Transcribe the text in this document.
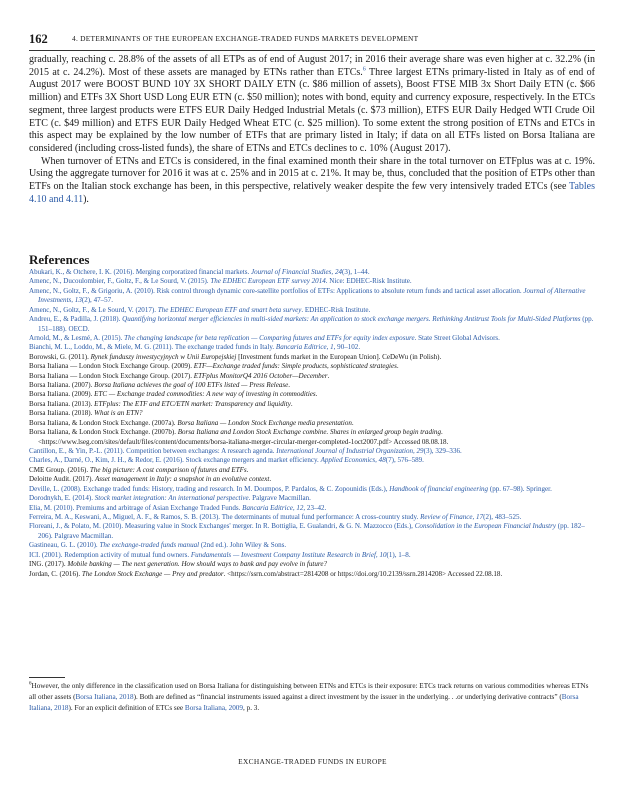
162	4. DETERMINANTS OF THE EUROPEAN EXCHANGE-TRADED FUNDS MARKETS DEVELOPMENT

gradually, reaching c. 28.8% of the assets of all ETPs as of end of August 2017; in 2016 their average share was even higher at c. 32.2% (in 2015 at c. 24.2%). Most of these assets are managed by ETNs rather than ETCs.$^6$ Three largest ETNs primary-listed in Italy as of end of August 2017 were BOOST BUND 10Y 3X SHORT DAILY ETN (c. $86 million of assets), Boost FTSE MIB 3x Short Daily ETN (c. $66 million) and ETFs 3X Short USD Long EUR ETN (c. $50 million); notes with bond, equity and currency exposure, respectively. In the ETCs segment, three largest products were ETFS EUR Daily Hedged Industrial Metals (c. $73 million), ETFS EUR Daily Hedged WTI Crude Oil ETC (c. $49 million) and ETFS EUR Daily Hedged Wheat ETC (c. $25 million). To some extent the strong position of ETNs and ETCs in this aspect may be explained by the low number of ETFs that are primary listed in Italy; if data on all ETFs listed on Borsa Italiana are considered (including cross-listed funds), the share of ETNs and ETCs declines to c. 10% (August 2017).

When turnover of ETNs and ETCs is considered, in the final examined month their share in the total turnover on ETFplus was at c. 19%. Using the aggregate turnover for 2016 it was at c. 25% and in 2015 at c. 21%. It may be, thus, concluded that the position of ETPs other than ETFs on the Italian stock exchange has been, in this perspective, relatively weaker despite the few very intensively traded ETCs (see Tables 4.10 and 4.11).

References
Abukari, K., & Otchere, I. K. (2016). Merging corporatized financial markets. Journal of Financial Studies, 24(3), 1–44.
Amenc, N., Ducoulombier, F., Goltz, F., & Le Sourd, V. (2015). The EDHEC European ETF survey 2014. Nice: EDHEC-Risk Institute.
Amenc, N., Goltz, F., & Grigoriu, A. (2010). Risk control through dynamic core-satellite portfolios of ETFs: Applications to absolute return funds and tactical asset allocation. Journal of Alternative Investments, 13(2), 47–57.
Amenc, N., Goltz, F., & Le Sourd, V. (2017). The EDHEC European ETF and smart beta survey. EDHEC-Risk Institute.
Andreu, E., & Padilla, J. (2018). Quantifying horizontal merger efficiencies in multi-sided markets: An application to stock exchange mergers. Rethinking Antitrust Tools for Multi-Sided Platforms (pp. 151–188). OECD.
Arnold, M., & Lesmé, A. (2015). The changing landscape for beta replication — Comparing futures and ETFs for equity index exposure. State Street Global Advisors.
Bianchi, M. L., Loddo, M., & Miele, M. G. (2011). The exchange traded funds in Italy. Bancaria Editrice, 1, 90–102.
Borowski, G. (2011). Rynek funduszy inwestycyjnych w Unii Europejskiej [Investment funds market in the European Union]. CeDeWu (in Polish).
Borsa Italiana — London Stock Exchange Group. (2009). ETF—Exchange traded funds: Simple products, sophisticated strategies.
Borsa Italiana — London Stock Exchange Group. (2017). ETFplus MonitorQ4 2016 October—December.
Borsa Italiana. (2007). Borsa Italiana achieves the goal of 100 ETFs listed — Press Release.
Borsa Italiana. (2009). ETC — Exchange traded commodities: A new way of investing in commodities.
Borsa Italiana. (2013). ETFplus: The ETF and ETC/ETN market: Transparency and liquidity.
Borsa Italiana. (2018). What is an ETN?
Borsa Italiana, & London Stock Exchange. (2007a). Borsa Italiana — London Stock Exchange media presentation.
Borsa Italiana, & London Stock Exchange. (2007b). Borsa Italiana and London Stock Exchange combine. Shares in enlarged group begin trading. <https://www.lseg.com/sites/default/files/content/documents/borsa-italiana-merger-circular-merger-completed-1oct2007.pdf> Accessed 08.08.18.
Cantillon, E., & Yin, P.-L. (2011). Competition between exchanges: A research agenda. International Journal of Industrial Organization, 29(3), 329–336.
Charles, A., Darné, O., Kim, J. H., & Redor, E. (2016). Stock exchange mergers and market efficiency. Applied Economics, 48(7), 576–589.
CME Group. (2016). The big picture: A cost comparison of futures and ETFs.
Deloitte Audit. (2017). Asset management in Italy: a snapshot in an evolutive context.
Deville, L. (2008). Exchange traded funds: History, trading and research. In M. Doumpos, P. Pardalos, & C. Zopounidis (Eds.), Handbook of financial engineering (pp. 67–98). Springer.
Dorodnykh, E. (2014). Stock market integration: An international perspective. Palgrave Macmillan.
Elia, M. (2010). Premiums and arbitrage of Asian Exchange Traded Funds. Bancaria Editrice, 12, 23–42.
Ferreira, M. A., Keswani, A., Miguel, A. F., & Ramos, S. B. (2013). The determinants of mutual fund performance: A cross-country study. Review of Finance, 17(2), 483–525.
Floreani, J., & Polato, M. (2010). Measuring value in Stock Exchanges' merger. In R. Bottiglia, E. Gualandri, & G. N. Mazzocco (Eds.), Consolidation in the European Financial Industry (pp. 182–206). Palgrave Macmillan.
Gastineau, G. L. (2010). The exchange-traded funds manual (2nd ed.). John Wiley & Sons.
ICI. (2001). Redemption activity of mutual fund owners. Fundamentals — Investment Company Institute Research in Brief, 10(1), 1–8.
ING. (2017). Mobile banking — The next generation. How should ways to bank and pay evolve in future?
Jordan, C. (2016). The London Stock Exchange — Prey and predator. <https://ssrn.com/abstract=2814208 or https://doi.org/10.2139/ssrn.2814208> Accessed 22.08.18.
$^6$However, the only difference in the classification used on Borsa Italiana for distinguishing between ETNs and ETCs is their exposure: ETCs track returns on various commodities whereas ETNs all other assets (Borsa Italiana, 2018). Both are defined as “financial instruments issued against a direct investment by the issuer in the underlying. . .or underlying derivative contracts” (Borsa Italiana, 2018). For an explicit definition of ETCs see Borsa Italiana, 2009, p. 3.
EXCHANGE-TRADED FUNDS IN EUROPE
